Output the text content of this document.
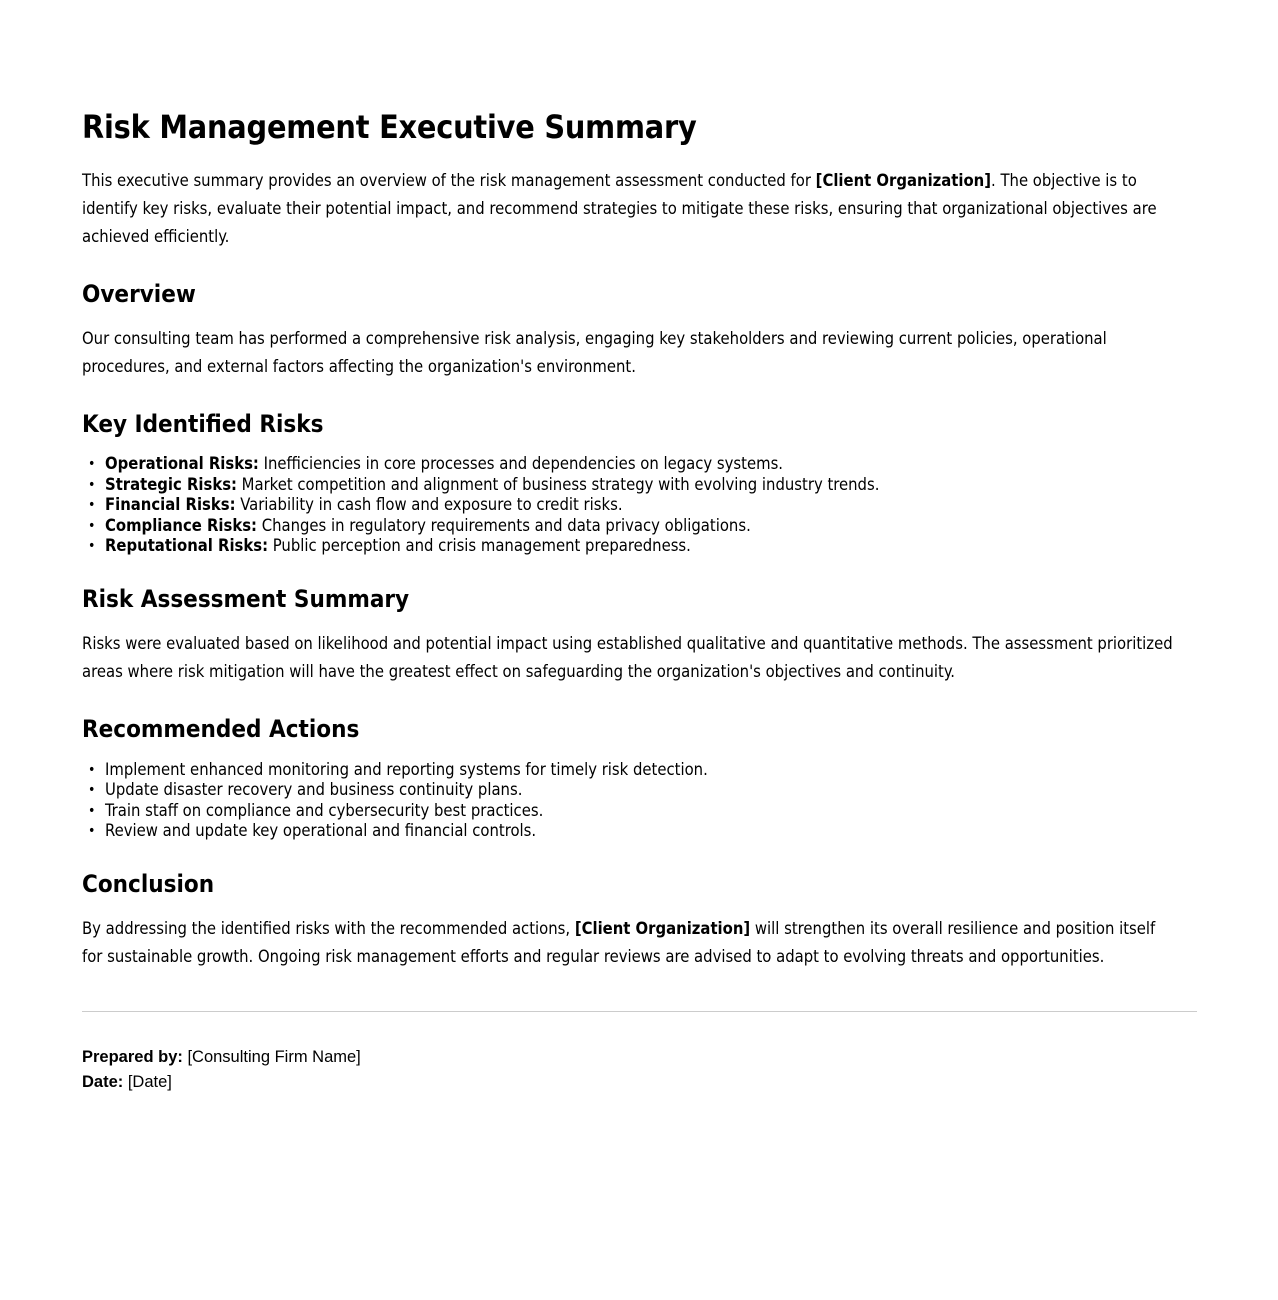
Risk Management Executive Summary

This executive summary provides an overview of the risk management assessment conducted for [Client Organization]. The objective is to identify key risks, evaluate their potential impact, and recommend strategies to mitigate these risks, ensuring that organizational objectives are achieved efficiently.

Overview

Our consulting team has performed a comprehensive risk analysis, engaging key stakeholders and reviewing current policies, operational procedures, and external factors affecting the organization's environment.

Key Identified Risks
• Operational Risks: Inefficiencies in core processes and dependencies on legacy systems.
• Strategic Risks: Market competition and alignment of business strategy with evolving industry trends.
• Financial Risks: Variability in cash flow and exposure to credit risks.
• Compliance Risks: Changes in regulatory requirements and data privacy obligations.
• Reputational Risks: Public perception and crisis management preparedness.
Risk Assessment Summary

Risks were evaluated based on likelihood and potential impact using established qualitative and quantitative methods. The assessment prioritized areas where risk mitigation will have the greatest effect on safeguarding the organization's objectives and continuity.

Recommended Actions
• Implement enhanced monitoring and reporting systems for timely risk detection.
• Update disaster recovery and business continuity plans.
• Train staff on compliance and cybersecurity best practices.
• Review and update key operational and financial controls.
Conclusion

By addressing the identified risks with the recommended actions, [Client Organization] will strengthen its overall resilience and position itself for sustainable growth. Ongoing risk management efforts and regular reviews are advised to adapt to evolving threats and opportunities.

Prepared by: [Consulting Firm Name]
Date: [Date]
